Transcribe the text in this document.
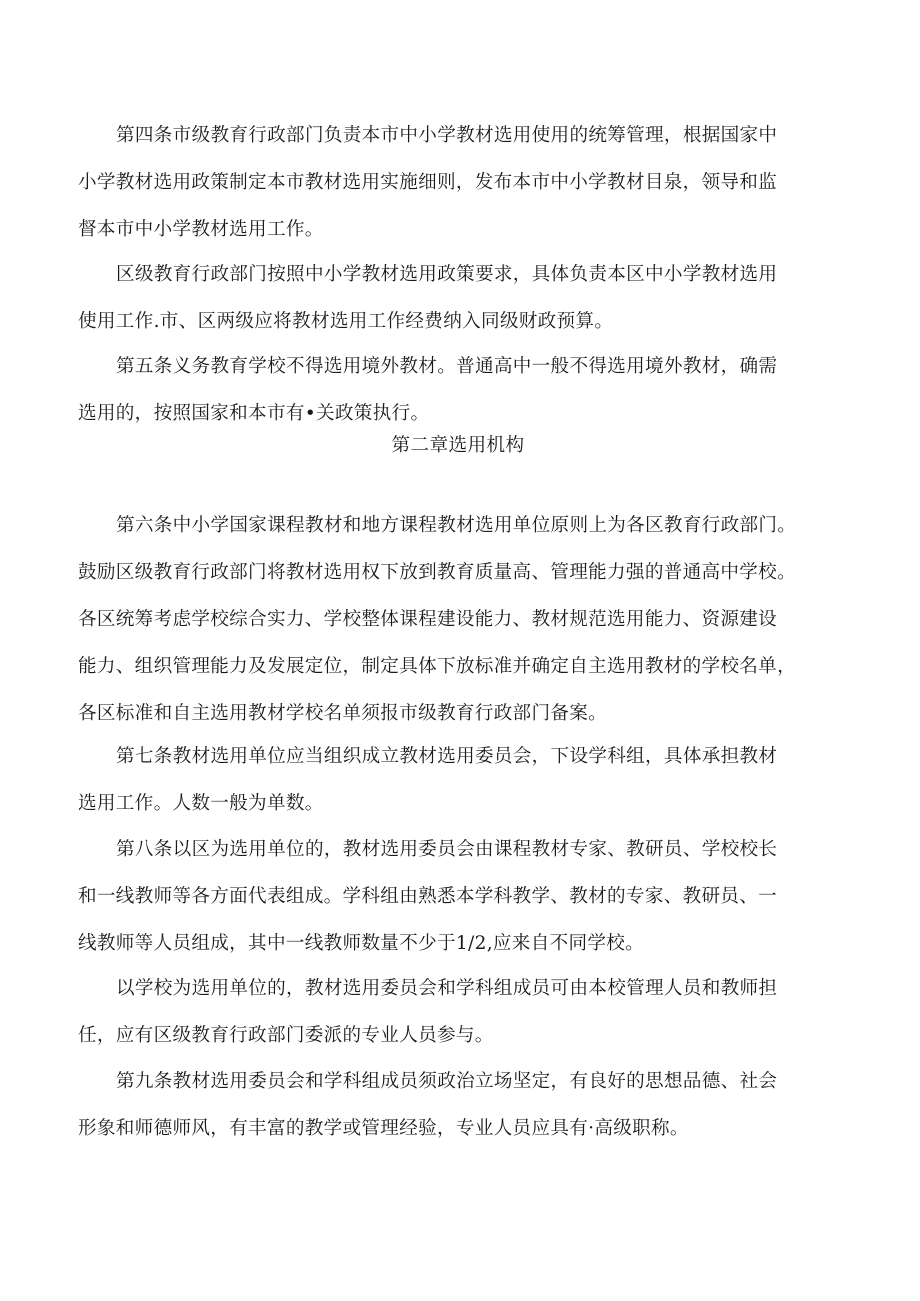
第四条市级教育行政部门负责本市中小学教材选用使用的统筹管理，根据国家中
小学教材选用政策制定本市教材选用实施细则，发布本市中小学教材目泉，领导和监
督本市中小学教材选用工作。
区级教育行政部门按照中小学教材选用政策要求，具体负责本区中小学教材选用
使用工作.市、区两级应将教材选用工作经费纳入同级财政预算。
第五条义务教育学校不得选用境外教材。普通高中一般不得选用境外教材，确需
选用的，按照国家和本市有•关政策执行。
第二章选用机构
第六条中小学国家课程教材和地方课程教材选用单位原则上为各区教育行政部门。
鼓励区级教育行政部门将教材选用权下放到教育质量高、管理能力强的普通高中学校。
各区统筹考虑学校综合实力、学校整体课程建设能力、教材规范选用能力、资源建设
能力、组织管理能力及发展定位，制定具体下放标准并确定自主选用教材的学校名单，
各区标准和自主选用教材学校名单须报市级教育行政部门备案。
第七条教材选用单位应当组织成立教材选用委员会，下设学科组，具体承担教材
选用工作。人数一般为单数。
第八条以区为选用单位的，教材选用委员会由课程教材专家、教研员、学校校长
和一线教师等各方面代表组成。学科组由熟悉本学科教学、教材的专家、教研员、一
线教师等人员组成，其中一线教师数量不少于1/2,应来自不同学校。
以学校为选用单位的，教材选用委员会和学科组成员可由本校管理人员和教师担
任，应有区级教育行政部门委派的专业人员参与。
第九条教材选用委员会和学科组成员须政治立场坚定，有良好的思想品德、社会
形象和师德师风，有丰富的教学或管理经验，专业人员应具有·高级职称。
